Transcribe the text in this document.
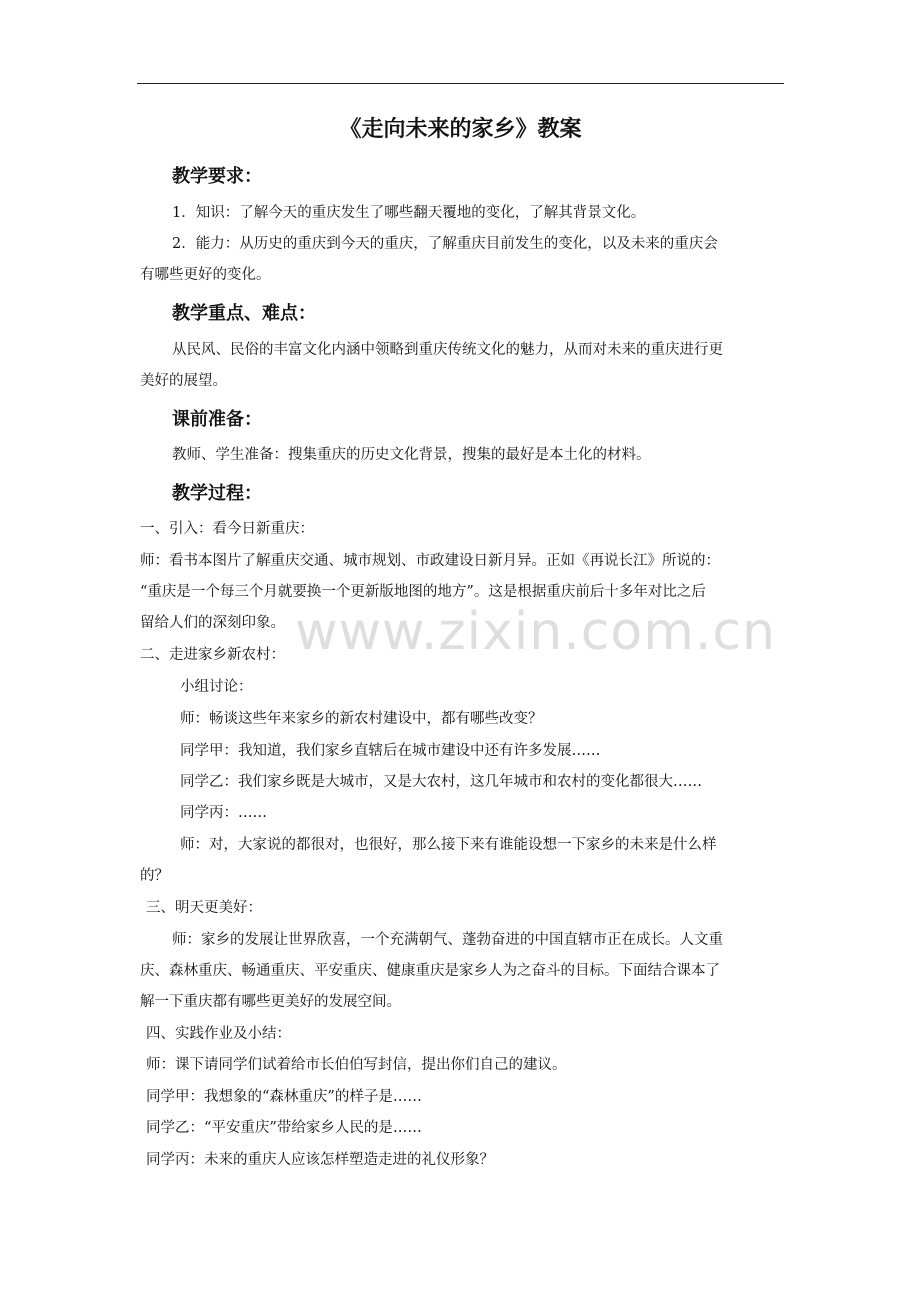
《走向未来的家乡》教案
教学要求：
1．知识：了解今天的重庆发生了哪些翻天覆地的变化，了解其背景文化。
2．能力：从历史的重庆到今天的重庆，了解重庆目前发生的变化，以及未来的重庆会
有哪些更好的变化。
教学重点、难点：
从民风、民俗的丰富文化内涵中领略到重庆传统文化的魅力，从而对未来的重庆进行更
美好的展望。
课前准备：
教师、学生准备：搜集重庆的历史文化背景，搜集的最好是本土化的材料。
教学过程：
一、引入：看今日新重庆：
师：看书本图片了解重庆交通、城市规划、市政建设日新月异。正如《再说长江》所说的：
“重庆是一个每三个月就要换一个更新版地图的地方”。这是根据重庆前后十多年对比之后
留给人们的深刻印象。
二、走进家乡新农村：
小组讨论：
师：畅谈这些年来家乡的新农村建设中，都有哪些改变？
同学甲：我知道，我们家乡直辖后在城市建设中还有许多发展……
同学乙：我们家乡既是大城市，又是大农村，这几年城市和农村的变化都很大……
同学丙：……
师：对，大家说的都很对，也很好，那么接下来有谁能设想一下家乡的未来是什么样
的？
三、明天更美好：
师：家乡的发展让世界欣喜，一个充满朝气、蓬勃奋进的中国直辖市正在成长。人文重
庆、森林重庆、畅通重庆、平安重庆、健康重庆是家乡人为之奋斗的目标。下面结合课本了
解一下重庆都有哪些更美好的发展空间。
四、实践作业及小结：
师：课下请同学们试着给市长伯伯写封信，提出你们自己的建议。
同学甲：我想象的“森林重庆”的样子是……
同学乙：“平安重庆”带给家乡人民的是……
同学丙：未来的重庆人应该怎样塑造走进的礼仪形象？
www.zixin.com.cn
